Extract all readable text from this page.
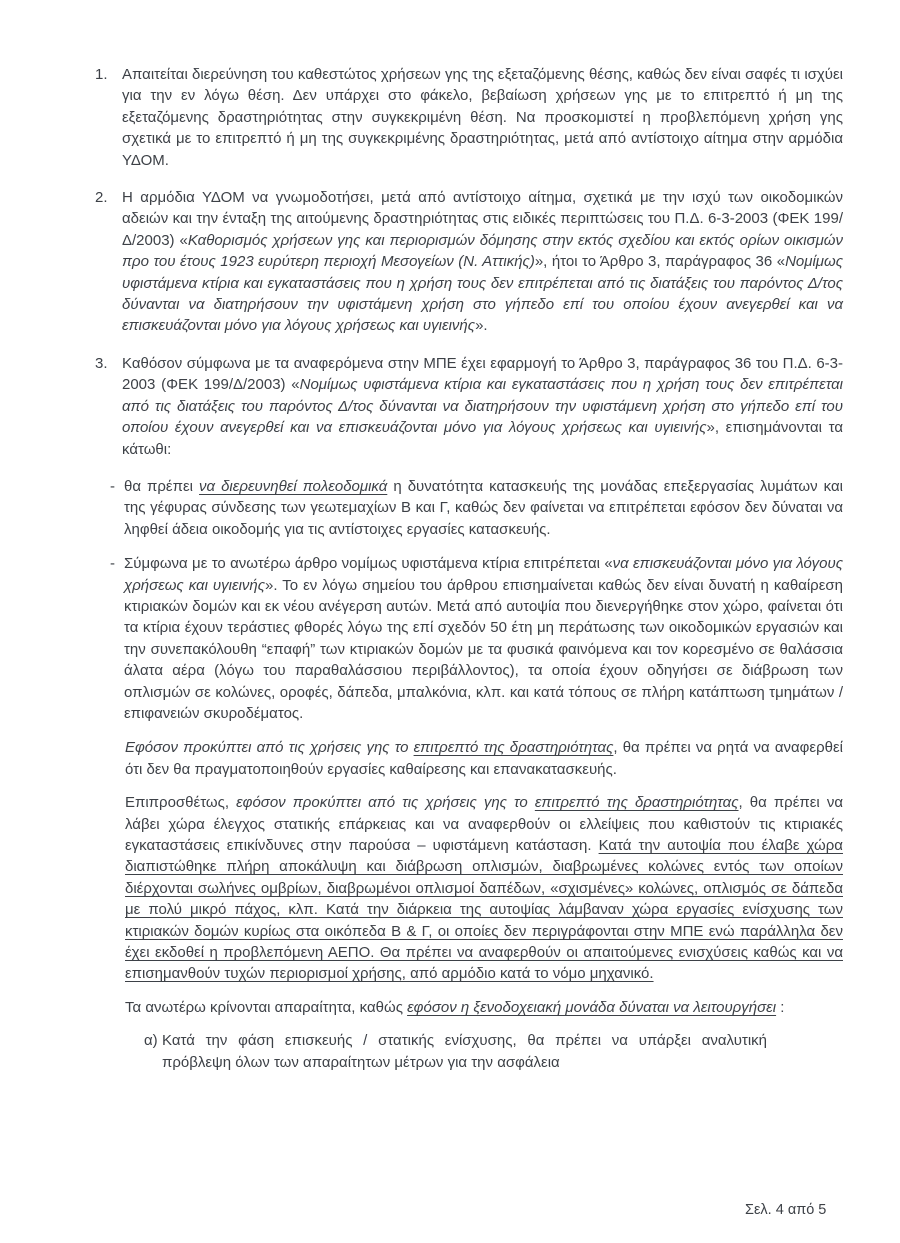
1. Απαιτείται διερεύνηση του καθεστώτος χρήσεων γης της εξεταζόμενης θέσης, καθώς δεν είναι σαφές τι ισχύει για την εν λόγω θέση. Δεν υπάρχει στο φάκελο, βεβαίωση χρήσεων γης με το επιτρεπτό ή μη της εξεταζόμενης δραστηριότητας στην συγκεκριμένη θέση. Να προσκομιστεί η προβλεπόμενη χρήση γης σχετικά με το επιτρεπτό ή μη της συγκεκριμένης δραστηριότητας, μετά από αντίστοιχο αίτημα στην αρμόδια ΥΔΟΜ.
2. Η αρμόδια ΥΔΟΜ να γνωμοδοτήσει, μετά από αντίστοιχο αίτημα, σχετικά με την ισχύ των οικοδομικών αδειών και την ένταξη της αιτούμενης δραστηριότητας στις ειδικές περιπτώσεις του Π.Δ. 6-3-2003 (ΦΕΚ 199/Δ/2003) «Καθορισμός χρήσεων γης και περιορισμών δόμησης στην εκτός σχεδίου και εκτός ορίων οικισμών προ του έτους 1923 ευρύτερη περιοχή Μεσογείων (Ν. Αττικής)», ήτοι το Άρθρο 3, παράγραφος 36 «Νομίμως υφιστάμενα κτίρια και εγκαταστάσεις που η χρήση τους δεν επιτρέπεται από τις διατάξεις του παρόντος Δ/τος δύνανται να διατηρήσουν την υφιστάμενη χρήση στο γήπεδο επί του οποίου έχουν ανεγερθεί και να επισκευάζονται μόνο για λόγους χρήσεως και υγιεινής».
3. Καθόσον σύμφωνα με τα αναφερόμενα στην ΜΠΕ έχει εφαρμογή το Άρθρο 3, παράγραφος 36 του Π.Δ. 6-3-2003 (ΦΕΚ 199/Δ/2003) «Νομίμως υφιστάμενα κτίρια και εγκαταστάσεις που η χρήση τους δεν επιτρέπεται από τις διατάξεις του παρόντος Δ/τος δύνανται να διατηρήσουν την υφιστάμενη χρήση στο γήπεδο επί του οποίου έχουν ανεγερθεί και να επισκευάζονται μόνο για λόγους χρήσεως και υγιεινής», επισημάνονται τα κάτωθι:
- θα πρέπει να διερευνηθεί πολεοδομικά η δυνατότητα κατασκευής της μονάδας επεξεργασίας λυμάτων και της γέφυρας σύνδεσης των γεωτεμαχίων Β και Γ, καθώς δεν φαίνεται να επιτρέπεται εφόσον δεν δύναται να ληφθεί άδεια οικοδομής για τις αντίστοιχες εργασίες κατασκευής.
- Σύμφωνα με το ανωτέρω άρθρο νομίμως υφιστάμενα κτίρια επιτρέπεται «να επισκευάζονται μόνο για λόγους χρήσεως και υγιεινής». Το εν λόγω σημείου του άρθρου επισημαίνεται καθώς δεν είναι δυνατή η καθαίρεση κτιριακών δομών και εκ νέου ανέγερση αυτών. Μετά από αυτοψία που διενεργήθηκε στον χώρο, φαίνεται ότι τα κτίρια έχουν τεράστιες φθορές λόγω της επί σχεδόν 50 έτη μη περάτωσης των οικοδομικών εργασιών και την συνεπακόλουθη “επαφή” των κτιριακών δομών με τα φυσικά φαινόμενα και τον κορεσμένο σε θαλάσσια άλατα αέρα (λόγω του παραθαλάσσιου περιβάλλοντος), τα οποία έχουν οδηγήσει σε διάβρωση των οπλισμών σε κολώνες, οροφές, δάπεδα, μπαλκόνια, κλπ. και κατά τόπους σε πλήρη κατάπτωση τμημάτων / επιφανειών σκυροδέματος.
Εφόσον προκύπτει από τις χρήσεις γης το επιτρεπτό της δραστηριότητας, θα πρέπει να ρητά να αναφερθεί ότι δεν θα πραγματοποιηθούν εργασίες καθαίρεσης και επανακατασκευής.
Επιπροσθέτως, εφόσον προκύπτει από τις χρήσεις γης το επιτρεπτό της δραστηριότητας, θα πρέπει να λάβει χώρα έλεγχος στατικής επάρκειας και να αναφερθούν οι ελλείψεις που καθιστούν τις κτιριακές εγκαταστάσεις επικίνδυνες στην παρούσα – υφιστάμενη κατάσταση. Κατά την αυτοψία που έλαβε χώρα διαπιστώθηκε πλήρη αποκάλυψη και διάβρωση οπλισμών, διαβρωμένες κολώνες εντός των οποίων διέρχονται σωλήνες ομβρίων, διαβρωμένοι οπλισμοί δαπέδων, «σχισμένες» κολώνες, οπλισμός σε δάπεδα με πολύ μικρό πάχος, κλπ. Κατά την διάρκεια της αυτοψίας λάμβαναν χώρα εργασίες ενίσχυσης των κτιριακών δομών κυρίως στα οικόπεδα Β & Γ, οι οποίες δεν περιγράφονται στην ΜΠΕ ενώ παράλληλα δεν έχει εκδοθεί η προβλεπόμενη ΑΕΠΟ. Θα πρέπει να αναφερθούν οι απαιτούμενες ενισχύσεις καθώς και να επισημανθούν τυχών περιορισμοί χρήσης, από αρμόδιο κατά το νόμο μηχανικό.
Τα ανωτέρω κρίνονται απαραίτητα, καθώς εφόσον η ξενοδοχειακή μονάδα δύναται να λειτουργήσει :
α) Κατά την φάση επισκευής / στατικής ενίσχυσης, θα πρέπει να υπάρξει αναλυτική πρόβλεψη όλων των απαραίτητων μέτρων για την ασφάλεια
Σελ. 4 από 5
